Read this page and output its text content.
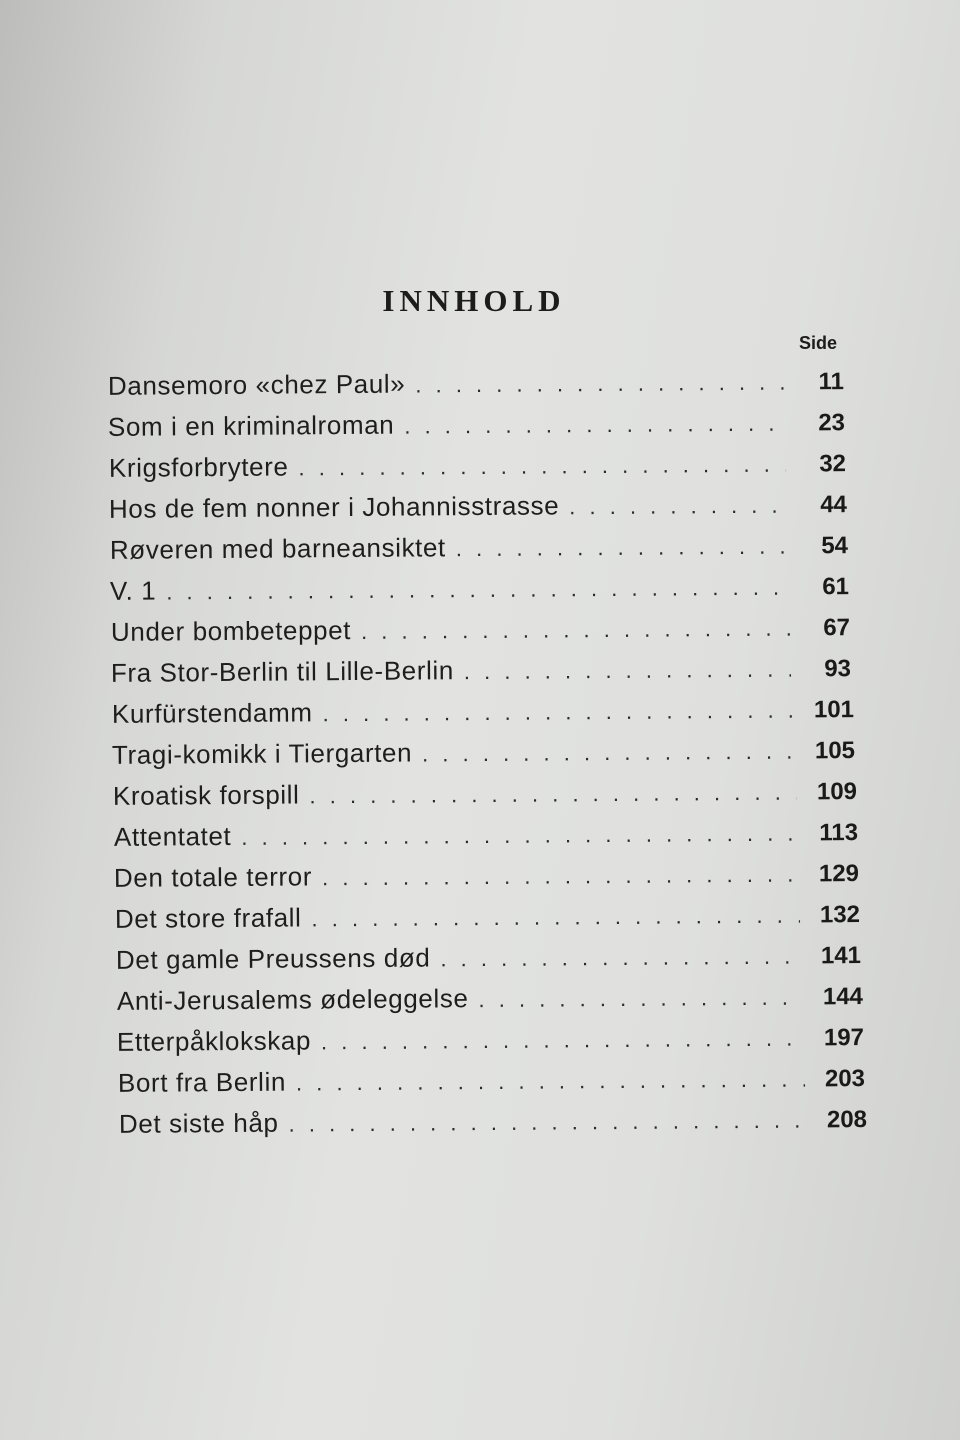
INNHOLD
Side
Dansemoro «chez Paul» . . .	11
Som i en kriminalroman . . .	23
Krigsforbrytere . . .	32
Hos de fem nonner i Johannisstrasse . . .	44
Røveren med barneansiktet . . .	54
V. 1 . . .	61
Under bombeteppet . . .	67
Fra Stor-Berlin til Lille-Berlin . . .	93
Kurfürstendamm . . .	101
Tragi-komikk i Tiergarten . . .	105
Kroatisk forspill . . .	109
Attentatet . . .	113
Den totale terror . . .	129
Det store frafall . . .	132
Det gamle Preussens død . . .	141
Anti-Jerusalems ødeleggelse . . .	144
Etterpåklokskap . . .	197
Bort fra Berlin . . .	203
Det siste håp . . .	208
